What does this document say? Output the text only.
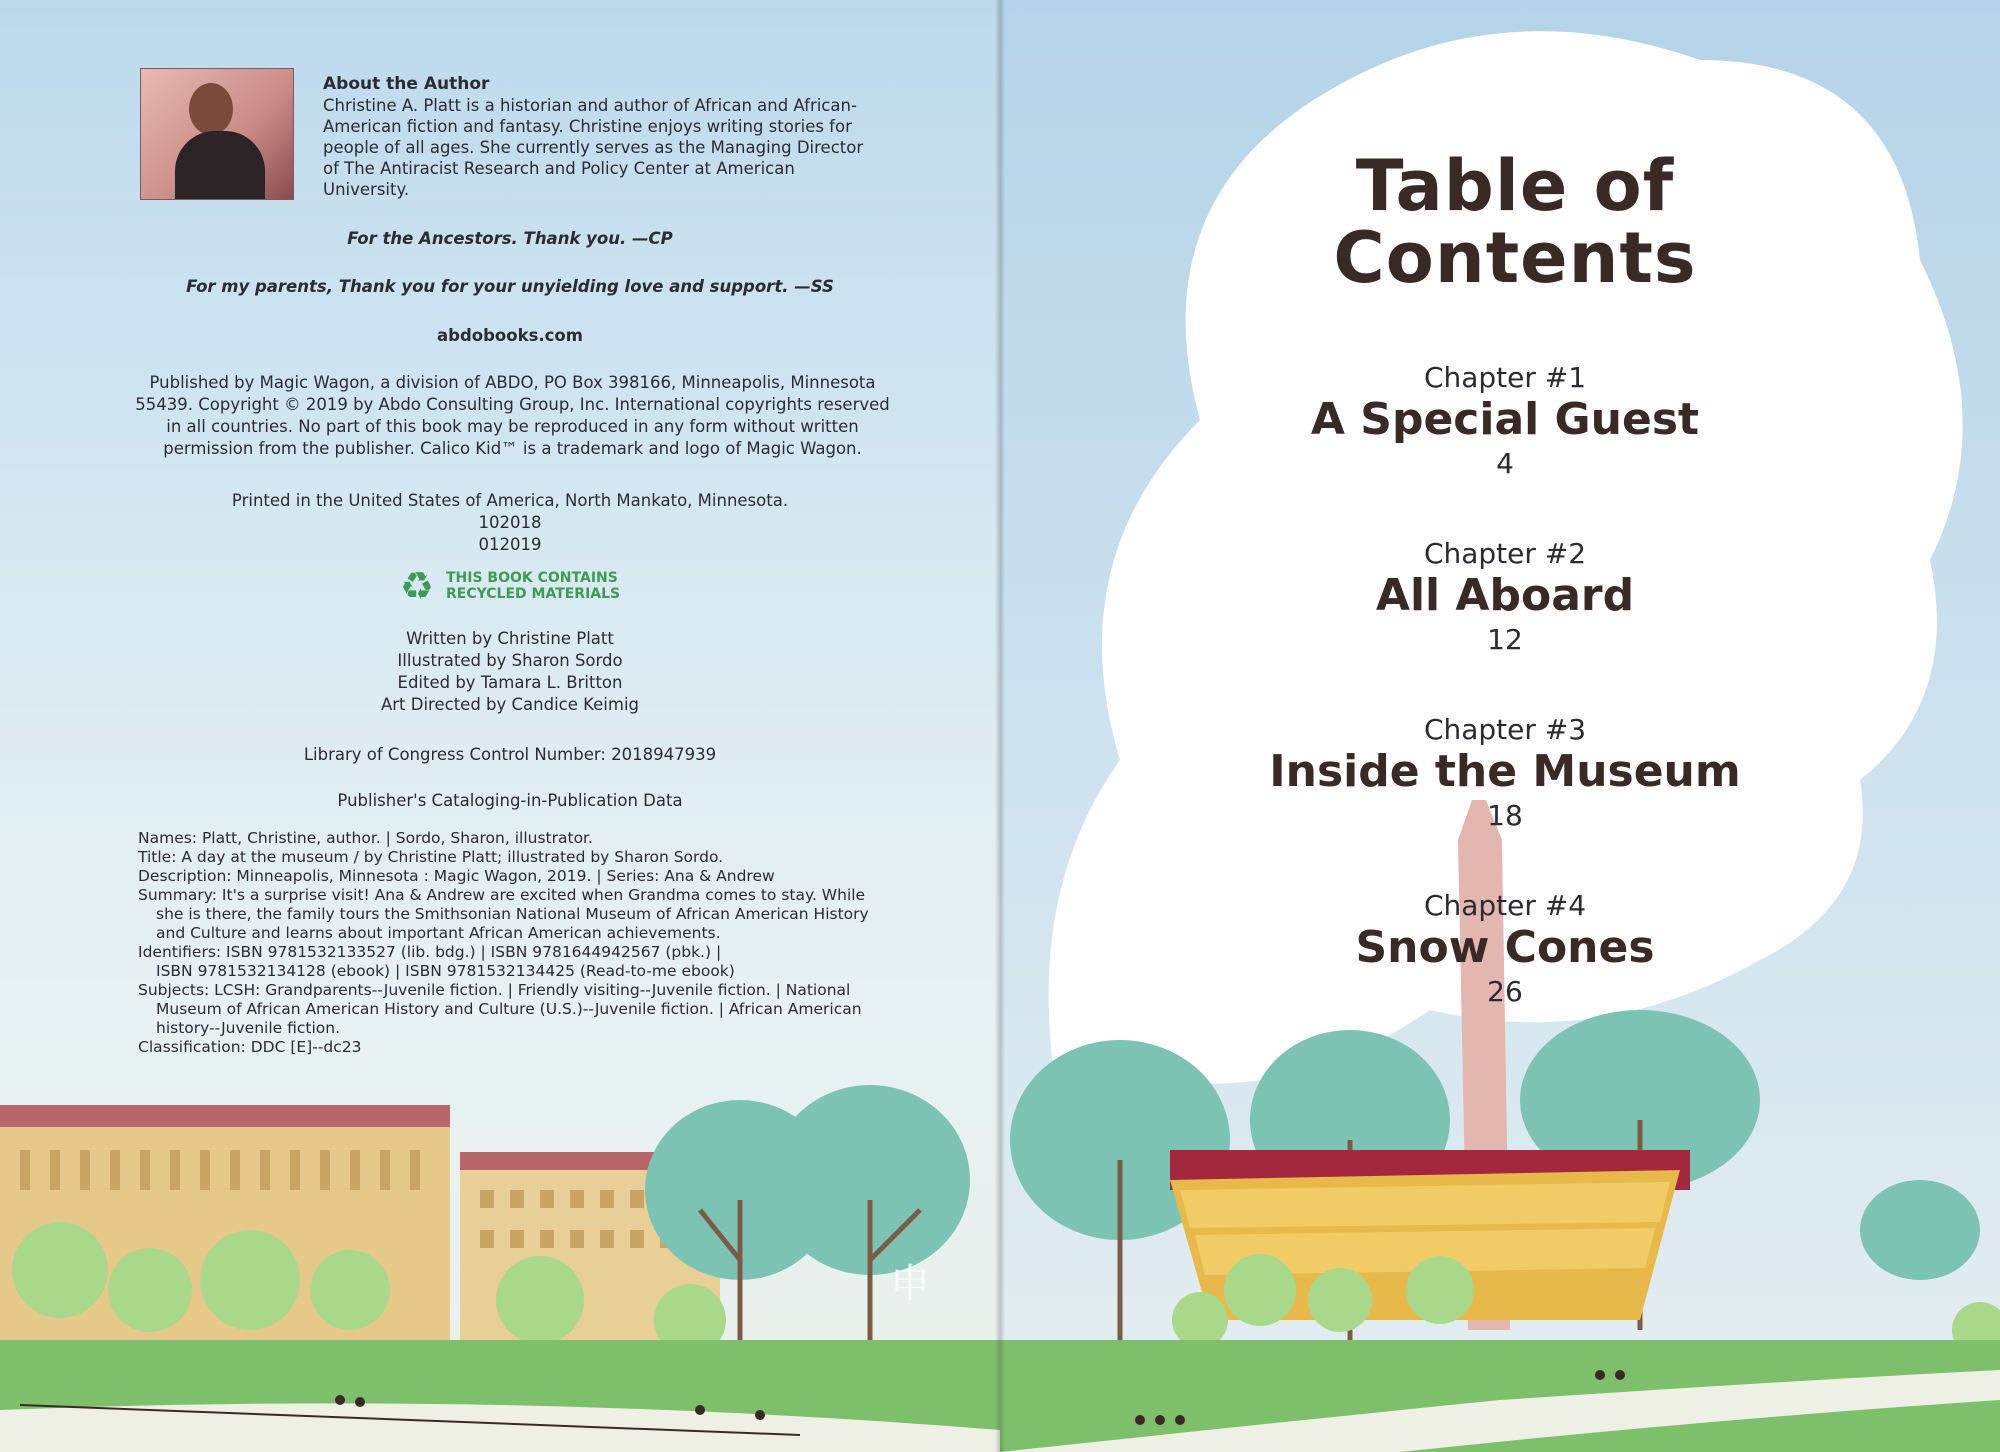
About the Author

Christine A. Platt is a historian and author of African and African-American fiction and fantasy. Christine enjoys writing stories for people of all ages. She currently serves as the Managing Director of The Antiracist Research and Policy Center at American University.

For the Ancestors. Thank you. —CP
For my parents, Thank you for your unyielding love and support. —SS
abdobooks.com
Published by Magic Wagon, a division of ABDO, PO Box 398166, Minneapolis, Minnesota 55439. Copyright © 2019 by Abdo Consulting Group, Inc. International copyrights reserved in all countries. No part of this book may be reproduced in any form without written permission from the publisher. Calico Kid™ is a trademark and logo of Magic Wagon.
Printed in the United States of America, North Mankato, Minnesota.
102018
012019
♻ THIS BOOK CONTAINS
RECYCLED MATERIALS
Written by Christine Platt
Illustrated by Sharon Sordo
Edited by Tamara L. Britton
Art Directed by Candice Keimig
Library of Congress Control Number: 2018947939
Publisher's Cataloging-in-Publication Data
Names: Platt, Christine, author. | Sordo, Sharon, illustrator.
Title: A day at the museum / by Christine Platt; illustrated by Sharon Sordo.
Description: Minneapolis, Minnesota : Magic Wagon, 2019. | Series: Ana & Andrew
Summary: It's a surprise visit! Ana & Andrew are excited when Grandma comes to stay. While
she is there, the family tours the Smithsonian National Museum of African American History
and Culture and learns about important African American achievements.
Identifiers: ISBN 9781532133527 (lib. bdg.) | ISBN 9781644942567 (pbk.) |
ISBN 9781532134128 (ebook) | ISBN 9781532134425 (Read-to-me ebook)
Subjects: LCSH: Grandparents--Juvenile fiction. | Friendly visiting--Juvenile fiction. | National
Museum of African American History and Culture (U.S.)--Juvenile fiction. | African American
history--Juvenile fiction.
Classification: DDC [E]--dc23
申
Table of
Contents
Chapter #1
A Special Guest
4
Chapter #2
All Aboard
12
Chapter #3
Inside the Museum
18
Chapter #4
Snow Cones
26
